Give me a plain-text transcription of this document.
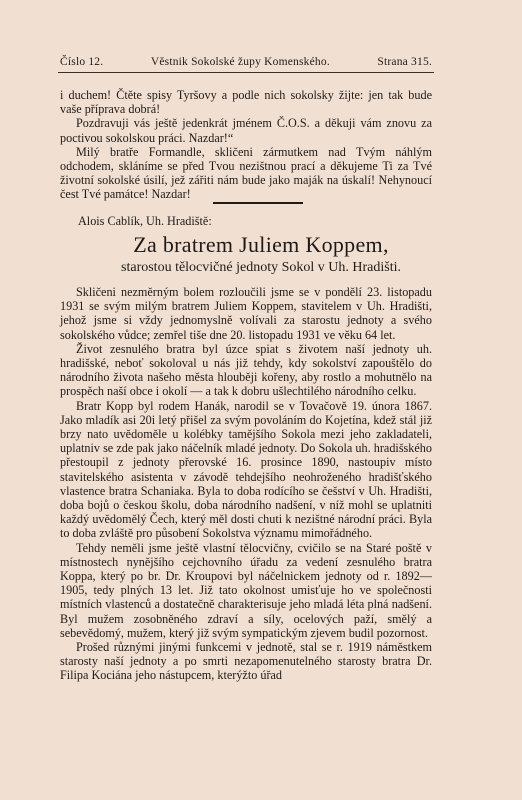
Číslo 12.	Věstnik Sokolské župy Komenského.	Strana 315.

i duchem! Čtěte spisy Tyršovy a podle nich sokolsky žijte: jen tak bude vaše příprava dobrá!

Pozdravuji vás ještě jedenkrát jménem Č.O.S. a děkuji vám znovu za poctivou sokolskou práci. Nazdar!“

Milý bratře Formandle, skličeni zármutkem nad Tvým náhlým odchodem, skláníme se před Tvou nezištnou prací a děkujeme Ti za Tvé životní sokolské úsilí, jež zářiti nám bude jako maják na úskalí! Nehynoucí čest Tvé památce! Nazdar!

Alois Cablík, Uh. Hradiště:
Za bratrem Juliem Koppem,
starostou tělocvičné jednoty Sokol v Uh. Hradišti.

Skličeni nezměrným bolem rozloučili jsme se v pondělí 23. listopadu 1931 se svým milým bratrem Juliem Koppem, stavitelem v Uh. Hradišti, jehož jsme si vždy jednomyslně volívali za starostu jednoty a svého sokolského vůdce; zemřel tiše dne 20. listopadu 1931 ve věku 64 let.

Život zesnulého bratra byl úzce spiat s životem naší jednoty uh. hradišské, neboť sokoloval u nás již tehdy, kdy sokolství zapouštělo do národního života našeho města hlouběji kořeny, aby rostlo a mohutnělo na prospěch naší obce i okolí — a tak k dobru ušlechtilého národního celku.

Bratr Kopp byl rodem Hanák, narodil se v Tovačově 19. února 1867. Jako mladík asi 20i letý přišel za svým povoláním do Kojetína, kdež stál již brzy nato uvědoměle u kolébky tamějšího Sokola mezi jeho zakladateli, uplatniv se zde pak jako náčelník mladé jednoty. Do Sokola uh. hradišského přestoupil z jednoty přerovské 16. prosince 1890, nastoupiv místo stavitelského asistenta v závodě tehdejšího neohroženého hradišťského vlastence bratra Schaniaka. Byla to doba rodícího se češství v Uh. Hradišti, doba bojů o českou školu, doba národního nadšení, v níž mohl se uplatniti každý uvědomělý Čech, který měl dosti chuti k nezištné národní práci. Byla to doba zvláště pro působení Sokolstva významu mimořádného.

Tehdy neměli jsme ještě vlastní tělocvičny, cvičilo se na Staré poště v místnostech nynějšího cejchovního úřadu za vedení zesnulého bratra Koppa, který po br. Dr. Kroupovi byl náčelnickem jednoty od r. 1892—1905, tedy plných 13 let. Již tato okolnost umisťuje ho ve společnosti místních vlastenců a dostatečně charakterisuje jeho mladá léta plná nadšení. Byl mužem zosobněného zdraví a síly, ocelových paží, smělý a sebevědomý, mužem, který již svým sympatickým zjevem budil pozornost.

Prošed různými jinými funkcemi v jednotě, stal se r. 1919 náměstkem starosty naší jednoty a po smrti nezapomenutelného starosty bratra Dr. Filipa Kociána jeho nástupcem, kterýžto úřad
